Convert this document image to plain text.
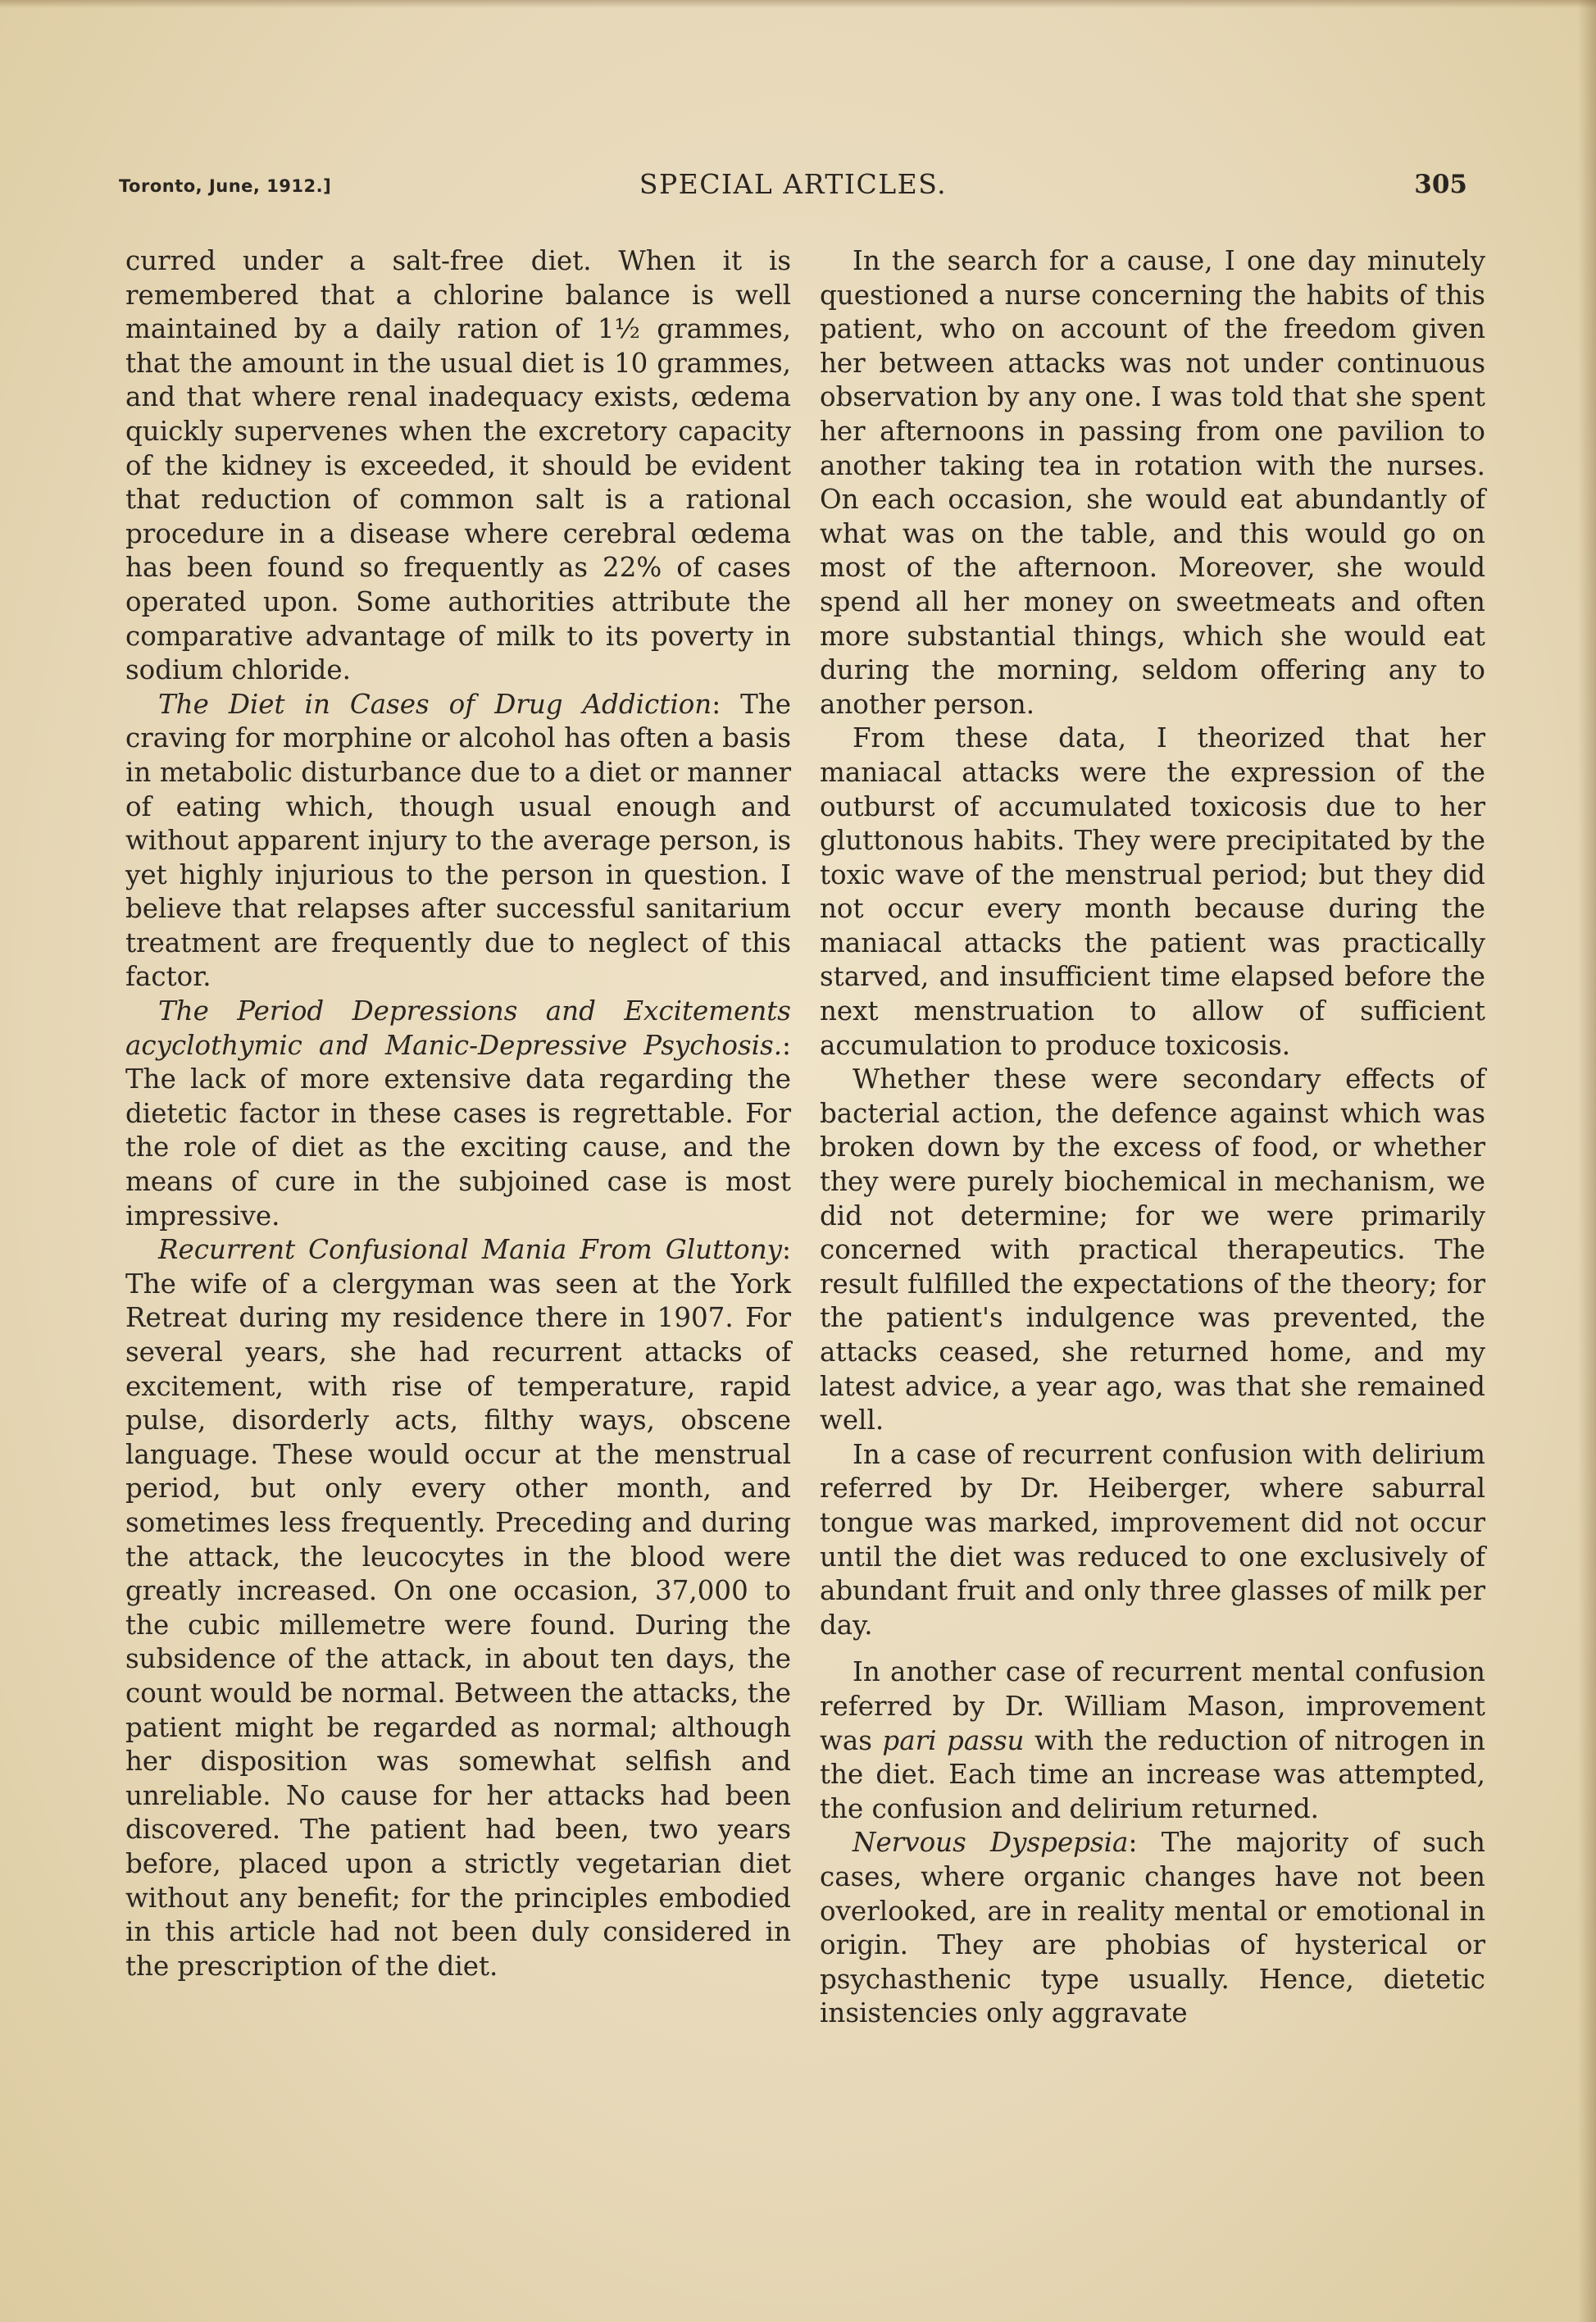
Toronto, June, 1912.]	SPECIAL ARTICLES.	305

curred under a salt-free diet. When it is remembered that a chlorine balance is well maintained by a daily ration of 1½ grammes, that the amount in the usual diet is 10 grammes, and that where renal inadequacy exists, œdema quickly supervenes when the excretory capacity of the kidney is exceeded, it should be evident that reduction of common salt is a rational procedure in a disease where cerebral œdema has been found so frequently as 22% of cases operated upon. Some authorities attribute the comparative advantage of milk to its poverty in sodium chloride.

The Diet in Cases of Drug Addiction: The craving for morphine or alcohol has often a basis in metabolic disturbance due to a diet or manner of eating which, though usual enough and without apparent injury to the average person, is yet highly injurious to the person in question. I believe that relapses after successful sanitarium treatment are frequently due to neglect of this factor.

The Period Depressions and Excitements acyclothymic and Manic-Depressive Psychosis.: The lack of more extensive data regarding the dietetic factor in these cases is regrettable. For the role of diet as the exciting cause, and the means of cure in the subjoined case is most impressive.

Recurrent Confusional Mania From Gluttony: The wife of a clergyman was seen at the York Retreat during my residence there in 1907. For several years, she had recurrent attacks of excitement, with rise of temperature, rapid pulse, disorderly acts, filthy ways, obscene language. These would occur at the menstrual period, but only every other month, and sometimes less frequently. Preceding and during the attack, the leucocytes in the blood were greatly increased. On one occasion, 37,000 to the cubic millemetre were found. During the subsidence of the attack, in about ten days, the count would be normal. Between the attacks, the patient might be regarded as normal; although her disposition was somewhat selfish and unreliable. No cause for her attacks had been discovered. The patient had been, two years before, placed upon a strictly vegetarian diet without any benefit; for the principles embodied in this article had not been duly considered in the prescription of the diet.

In the search for a cause, I one day minutely questioned a nurse concerning the habits of this patient, who on account of the freedom given her between attacks was not under continuous observation by any one. I was told that she spent her afternoons in passing from one pavilion to another taking tea in rotation with the nurses. On each occasion, she would eat abundantly of what was on the table, and this would go on most of the afternoon. Moreover, she would spend all her money on sweetmeats and often more substantial things, which she would eat during the morning, seldom offering any to another person.

From these data, I theorized that her maniacal attacks were the expression of the outburst of accumulated toxicosis due to her gluttonous habits. They were precipitated by the toxic wave of the menstrual period; but they did not occur every month because during the maniacal attacks the patient was practically starved, and insufficient time elapsed before the next menstruation to allow of sufficient accumulation to produce toxicosis.

Whether these were secondary effects of bacterial action, the defence against which was broken down by the excess of food, or whether they were purely biochemical in mechanism, we did not determine; for we were primarily concerned with practical therapeutics. The result fulfilled the expectations of the theory; for the patient's indulgence was prevented, the attacks ceased, she returned home, and my latest advice, a year ago, was that she remained well.

In a case of recurrent confusion with delirium referred by Dr. Heiberger, where saburral tongue was marked, improvement did not occur until the diet was reduced to one exclusively of abundant fruit and only three glasses of milk per day.

In another case of recurrent mental confusion referred by Dr. William Mason, improvement was pari passu with the reduction of nitrogen in the diet. Each time an increase was attempted, the confusion and delirium returned.

Nervous Dyspepsia: The majority of such cases, where organic changes have not been overlooked, are in reality mental or emotional in origin. They are phobias of hysterical or psychasthenic type usually. Hence, dietetic insistencies only aggravate
